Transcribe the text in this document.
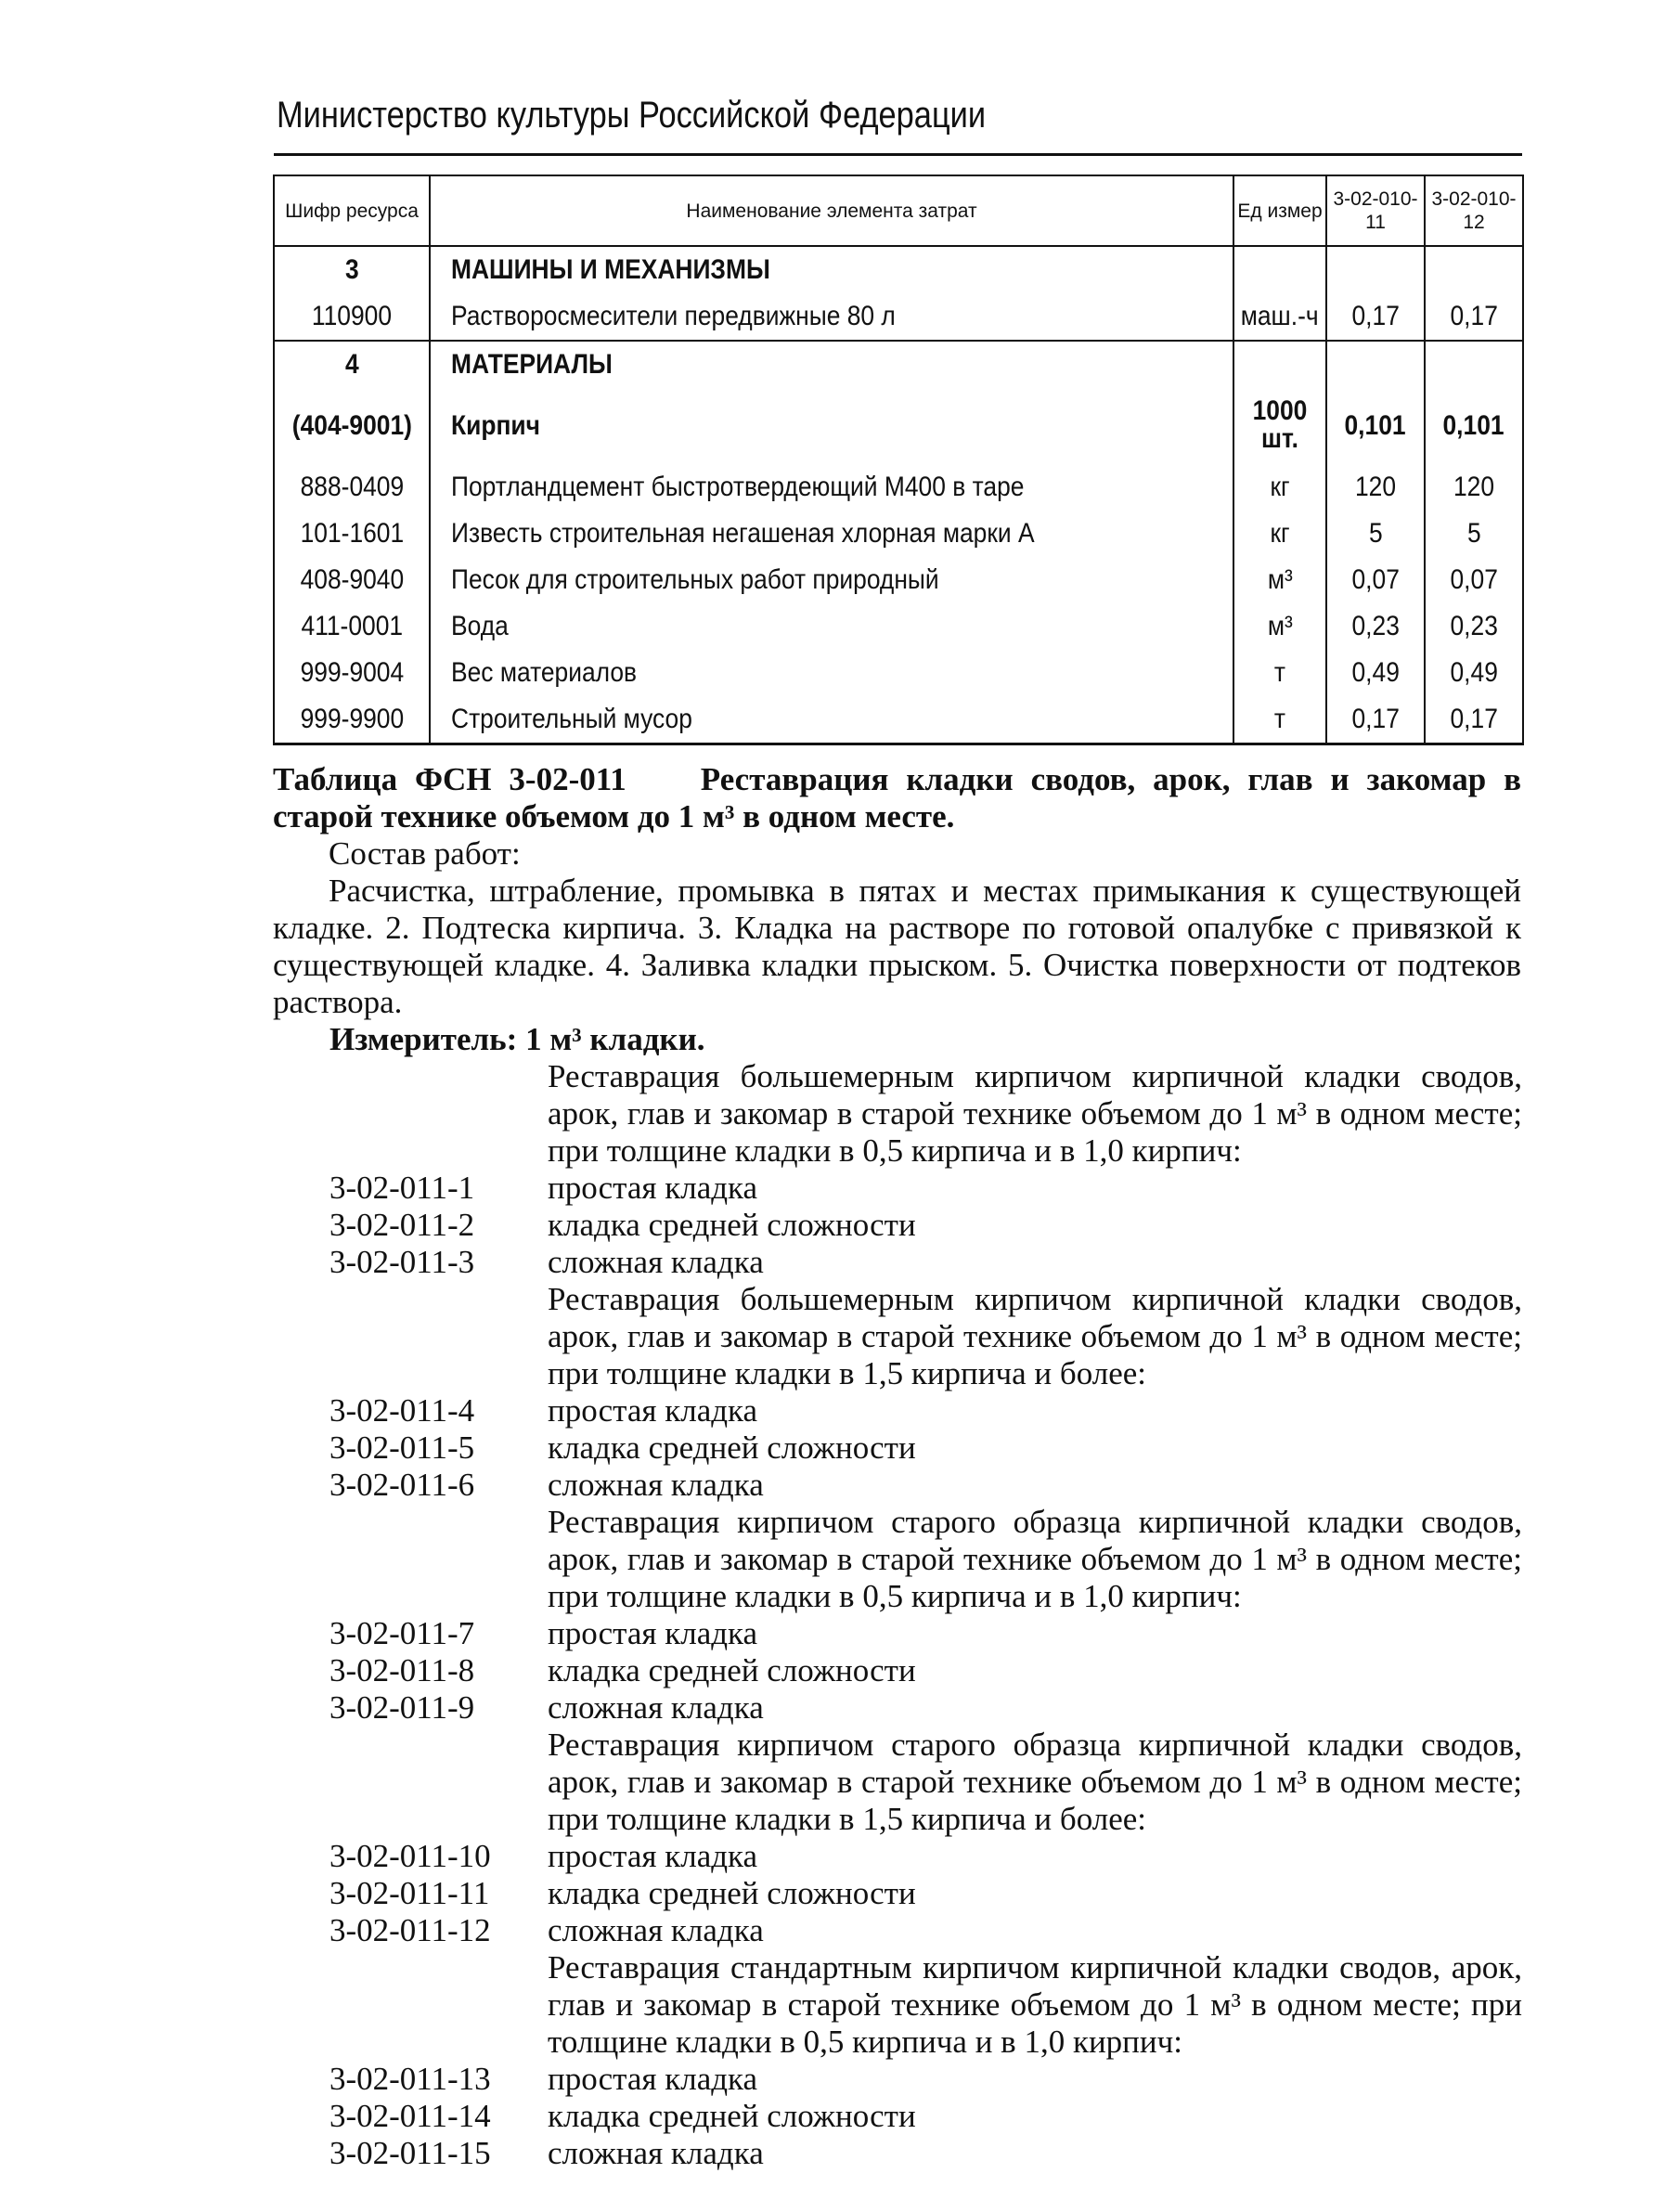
Министерство культуры Российской Федерации
Шифр ресурса	Наименование элемента затрат	Ед измер	3-02-010-11	3-02-010-12
3	МАШИНЫ И МЕХАНИЗМЫ			
110900	Растворосмесители передвижные 80 л	маш.-ч	0,17	0,17
4	МАТЕРИАЛЫ			
(404-9001)	Кирпич	1000 шт.	0,101	0,101
888-0409	Портландцемент быстротвердеющий М400 в таре	кг	120	120
101-1601	Известь строительная негашеная хлорная марки А	кг	5	5
408-9040	Песок для строительных работ природный	м³	0,07	0,07
411-0001	Вода	м³	0,23	0,23
999-9004	Вес материалов	т	0,49	0,49
999-9900	Строительный мусор	т	0,17	0,17
Таблица ФСН 3-02-011 Реставрация кладки сводов, арок, глав и закомар в старой технике объемом до 1 м³ в одном месте.
Состав работ:
Расчистка, штрабление, промывка в пятах и местах примыкания к существующей кладке. 2. Подтеска кирпича. 3. Кладка на растворе по готовой опалубке с привязкой к существующей кладке. 4. Заливка кладки прыском. 5. Очистка поверхности от подтеков раствора.
Измеритель: 1 м³ кладки.
Реставрация большемерным кирпичом кирпичной кладки сводов, арок, глав и закомар в старой технике объемом до 1 м³ в одном месте; при толщине кладки в 0,5 кирпича и в 1,0 кирпич:
3-02-011-1	простая кладка
3-02-011-2	кладка средней сложности
3-02-011-3	сложная кладка
Реставрация большемерным кирпичом кирпичной кладки сводов, арок, глав и закомар в старой технике объемом до 1 м³ в одном месте; при толщине кладки в 1,5 кирпича и более:
3-02-011-4	простая кладка
3-02-011-5	кладка средней сложности
3-02-011-6	сложная кладка
Реставрация кирпичом старого образца кирпичной кладки сводов, арок, глав и закомар в старой технике объемом до 1 м³ в одном месте; при толщине кладки в 0,5 кирпича и в 1,0 кирпич:
3-02-011-7	простая кладка
3-02-011-8	кладка средней сложности
3-02-011-9	сложная кладка
Реставрация кирпичом старого образца кирпичной кладки сводов, арок, глав и закомар в старой технике объемом до 1 м³ в одном месте; при толщине кладки в 1,5 кирпича и более:
3-02-011-10	простая кладка
3-02-011-11	кладка средней сложности
3-02-011-12	сложная кладка
Реставрация стандартным кирпичом кирпичной кладки сводов, арок, глав и закомар в старой технике объемом до 1 м³ в одном месте; при толщине кладки в 0,5 кирпича и в 1,0 кирпич:
3-02-011-13	простая кладка
3-02-011-14	кладка средней сложности
3-02-011-15	сложная кладка
